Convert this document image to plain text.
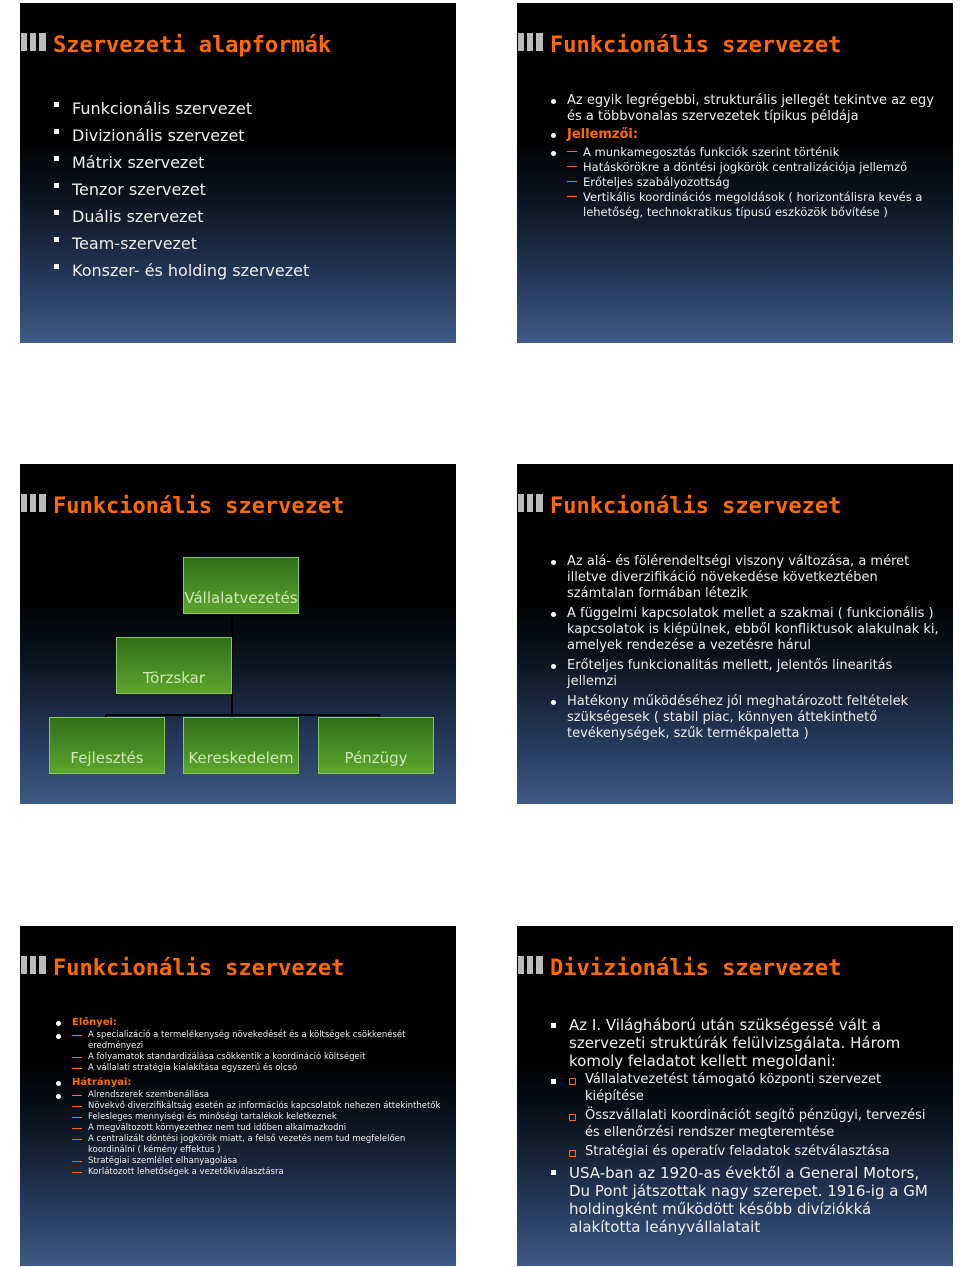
Szervezeti alapformák
Funkcionális szervezet
Divizionális szervezet
Mátrix szervezet
Tenzor szervezet
Duális szervezet
Team-szervezet
Konszer- és holding szervezet
Funkcionális szervezet
Az egyik legrégebbi, strukturális jellegét tekintve az egy és a többvonalas szervezetek típikus példája
Jellemzői:
A munkamegosztás funkciók szerint történik
Hatáskörökre a döntési jogkörök centralizációja jellemző
Erőteljes szabályozottság
Vertikális koordinációs megoldások ( horizontálisra kevés a lehetőség, technokratikus típusú eszközök bővítése )
Funkcionális szervezet
Vállalatvezetés
Törzskar
Fejlesztés	Kereskedelem	Pénzügy
Funkcionális szervezet
Az alá- és fölérendeltségi viszony változása, a méret illetve diverzifikáció növekedése következtében számtalan formában létezik
A függelmi kapcsolatok mellet a szakmai ( funkcionális ) kapcsolatok is kiépülnek, ebből konfliktusok alakulnak ki, amelyek rendezése a vezetésre hárul
Erőteljes funkcionalitás mellett, jelentős linearitás jellemzi
Hatékony működéséhez jól meghatározott feltételek szükségesek ( stabil piac, könnyen áttekinthető tevékenységek, szűk termékpaletta )
Funkcionális szervezet
Előnyei:
A specializáció a termelékenység növekedését és a költségek csökkenését eredményezi
A folyamatok standardizálása csökkentik a koordináció költségeit
A vállalati stratégia kialakítása egyszerű és olcsó
Hátrányai:
Alrendszerek szembenállása
Növekvő diverzifikáltság esetén az információs kapcsolatok nehezen áttekinthetők
Felesleges mennyiségi és minőségi tartalékok keletkeznek
A megváltozott környezethez nem tud időben alkalmazkodni
A centralizált döntési jogkörök miatt, a felső vezetés nem tud megfelelően koordinálni ( kémény effektus )
Stratégiai szemlélet elhanyagolása
Korlátozott lehetőségek a vezetőkiválasztásra
Divizionális szervezet
Az I. Világháború után szükségessé vált a szervezeti struktúrák felülvizsgálata. Három komoly feladatot kellett megoldani:
Vállalatvezetést támogató központi szervezet kiépítése
Összvállalati koordinációt segítő pénzügyi, tervezési és ellenőrzési rendszer megteremtése
Stratégiai és operatív feladatok szétválasztása
USA-ban az 1920-as évektől a General Motors, Du Pont játszottak nagy szerepet. 1916-ig a GM holdingként működött később divíziókká alakította leányvállalatait
